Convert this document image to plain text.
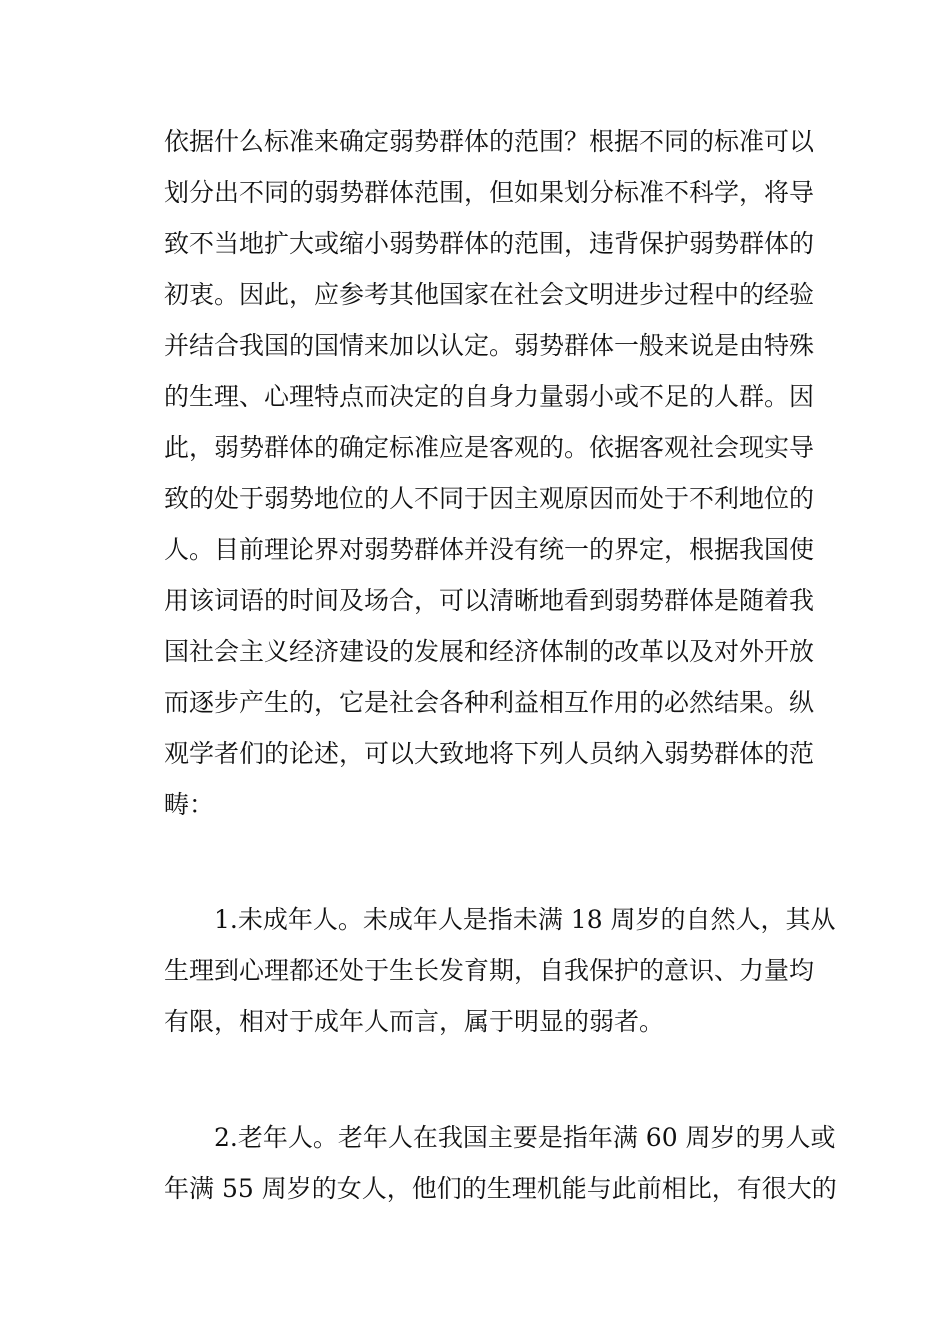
依据什么标准来确定弱势群体的范围？根据不同的标准可以
划分出不同的弱势群体范围，但如果划分标准不科学，将导
致不当地扩大或缩小弱势群体的范围，违背保护弱势群体的
初衷。因此，应参考其他国家在社会文明进步过程中的经验
并结合我国的国情来加以认定。弱势群体一般来说是由特殊
的生理、心理特点而决定的自身力量弱小或不足的人群。因
此，弱势群体的确定标准应是客观的。依据客观社会现实导
致的处于弱势地位的人不同于因主观原因而处于不利地位的
人。目前理论界对弱势群体并没有统一的界定，根据我国使
用该词语的时间及场合，可以清晰地看到弱势群体是随着我
国社会主义经济建设的发展和经济体制的改革以及对外开放
而逐步产生的，它是社会各种利益相互作用的必然结果。纵
观学者们的论述，可以大致地将下列人员纳入弱势群体的范
畴：
1.未成年人。未成年人是指未满 18 周岁的自然人，其从
生理到心理都还处于生长发育期，自我保护的意识、力量均
有限，相对于成年人而言，属于明显的弱者。
2.老年人。老年人在我国主要是指年满 60 周岁的男人或
年满 55 周岁的女人，他们的生理机能与此前相比，有很大的
